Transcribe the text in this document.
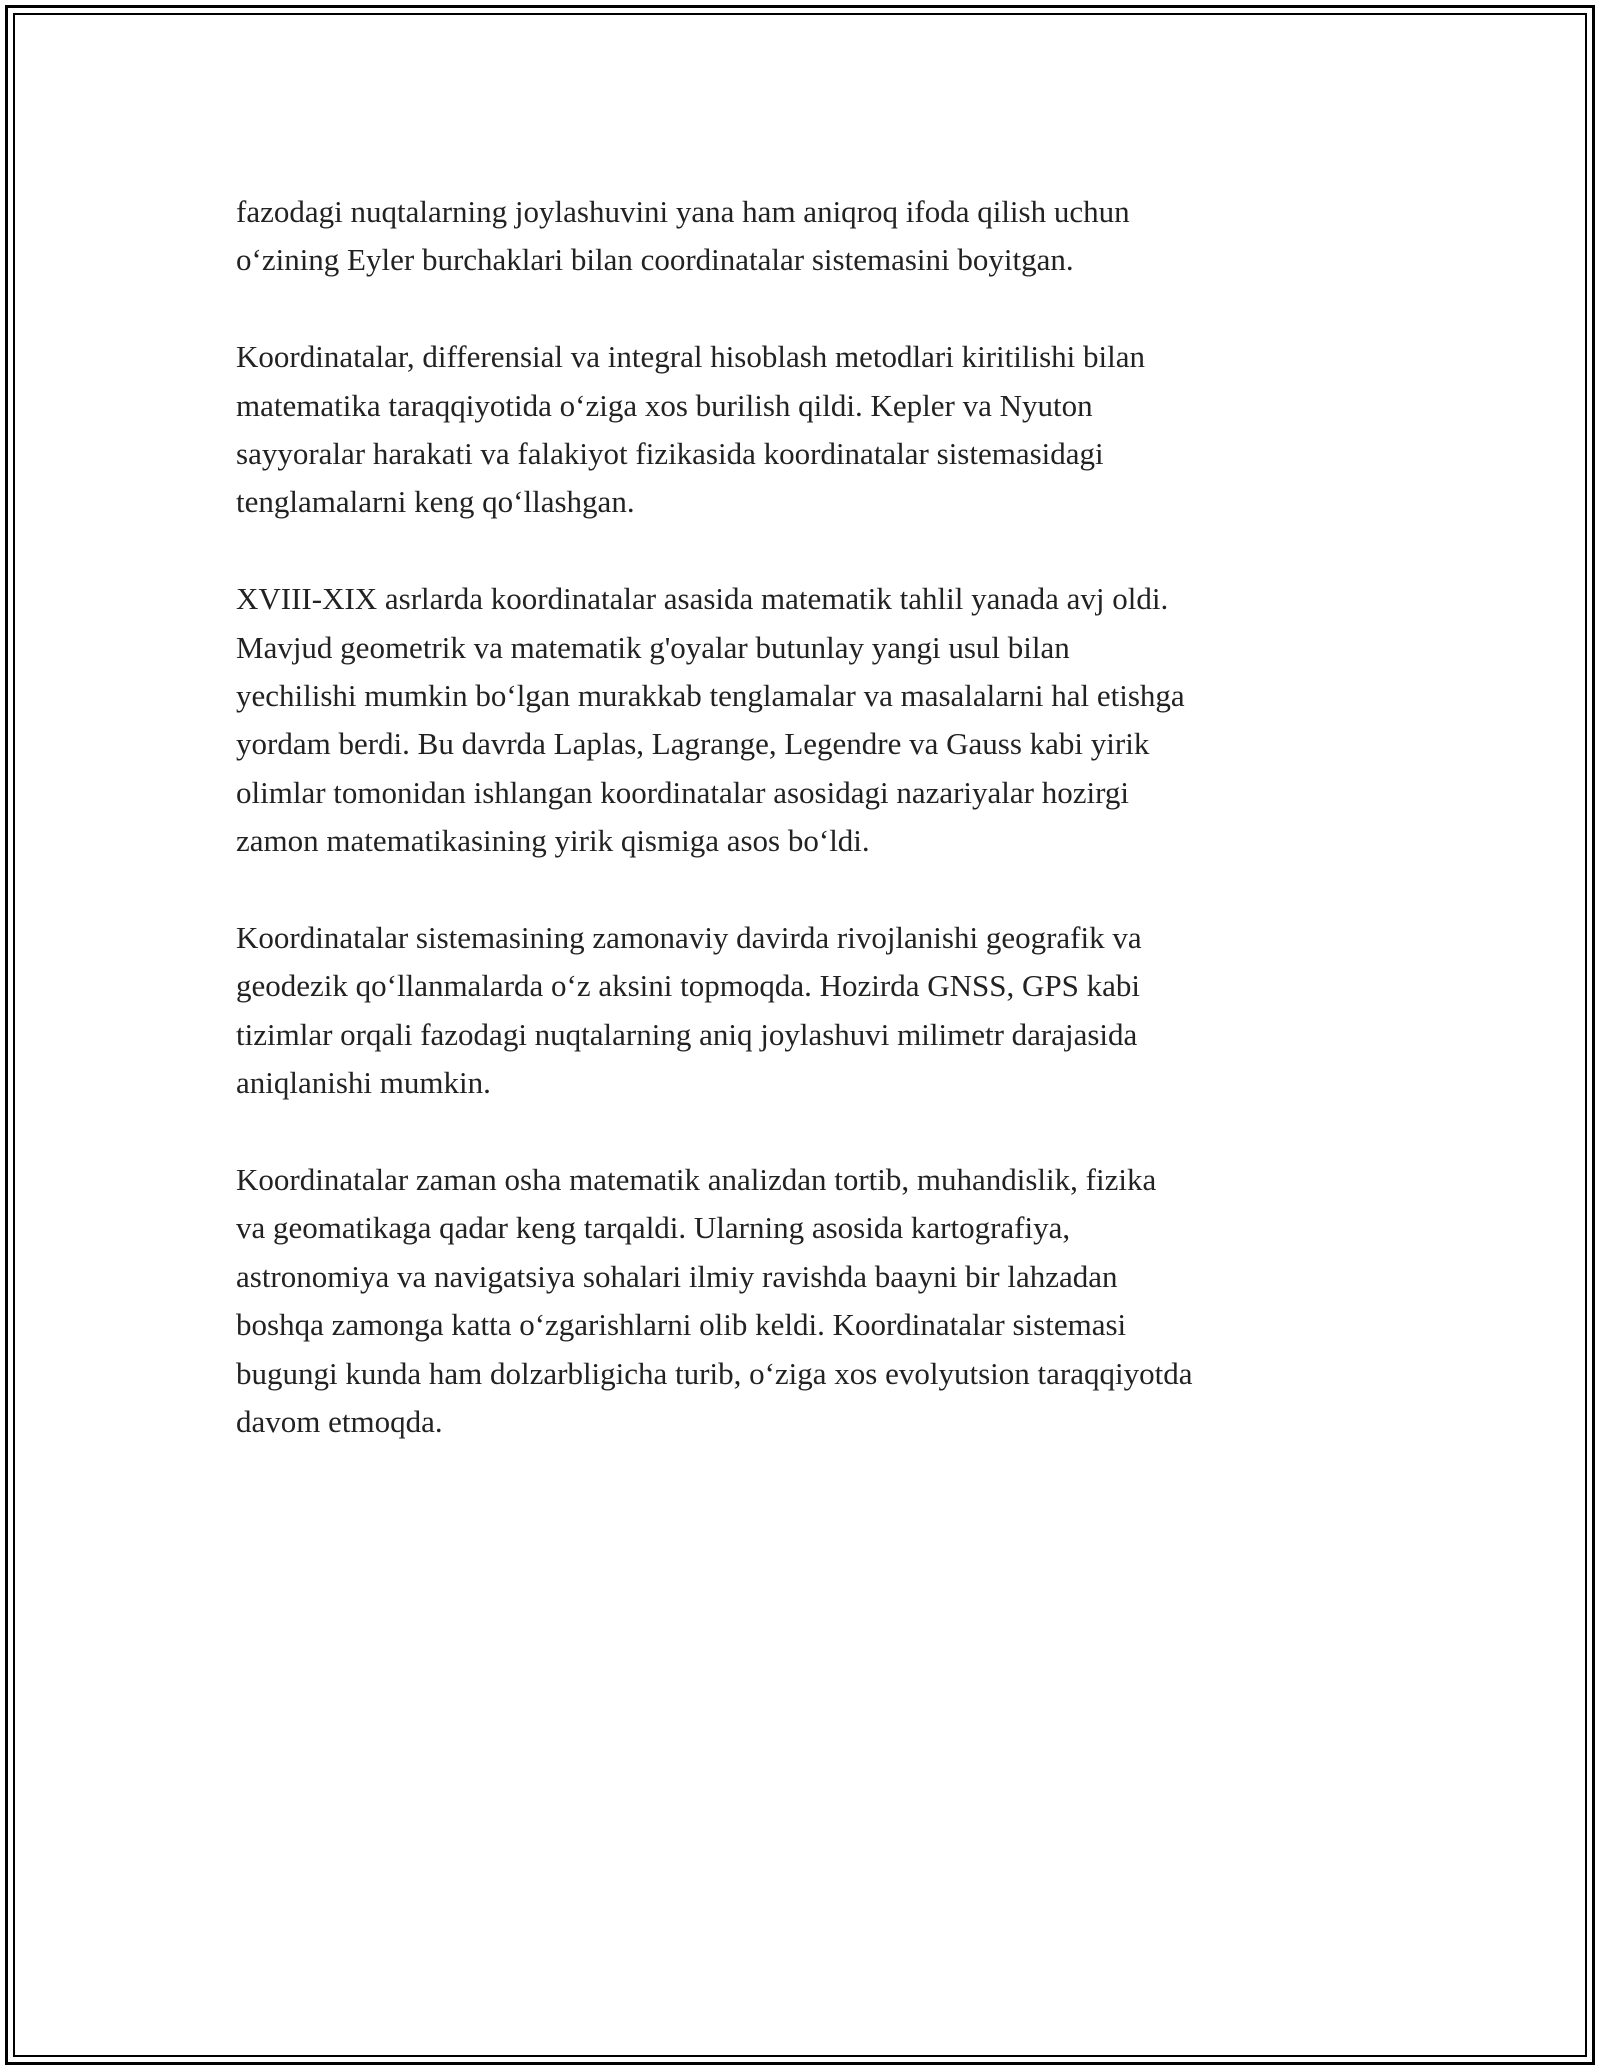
fazodagi nuqtalarning joylashuvini yana ham aniqroq ifoda qilish uchun
o‘zining Eyler burchaklari bilan coordinatalar sistemasini boyitgan.

Koordinatalar, differensial va integral hisoblash metodlari kiritilishi bilan
matematika taraqqiyotida o‘ziga xos burilish qildi. Kepler va Nyuton
sayyoralar harakati va falakiyot fizikasida koordinatalar sistemasidagi
tenglamalarni keng qo‘llashgan.

XVIII-XIX asrlarda koordinatalar asasida matematik tahlil yanada avj oldi.
Mavjud geometrik va matematik g'oyalar butunlay yangi usul bilan
yechilishi mumkin bo‘lgan murakkab tenglamalar va masalalarni hal etishga
yordam berdi. Bu davrda Laplas, Lagrange, Legendre va Gauss kabi yirik
olimlar tomonidan ishlangan koordinatalar asosidagi nazariyalar hozirgi
zamon matematikasining yirik qismiga asos bo‘ldi.

Koordinatalar sistemasining zamonaviy davirda rivojlanishi geografik va
geodezik qo‘llanmalarda o‘z aksini topmoqda. Hozirda GNSS, GPS kabi
tizimlar orqali fazodagi nuqtalarning aniq joylashuvi milimetr darajasida
aniqlanishi mumkin.

Koordinatalar zaman osha matematik analizdan tortib, muhandislik, fizika
va geomatikaga qadar keng tarqaldi. Ularning asosida kartografiya,
astronomiya va navigatsiya sohalari ilmiy ravishda baayni bir lahzadan
boshqa zamonga katta o‘zgarishlarni olib keldi. Koordinatalar sistemasi
bugungi kunda ham dolzarbligicha turib, o‘ziga xos evolyutsion taraqqiyotda
davom etmoqda.
